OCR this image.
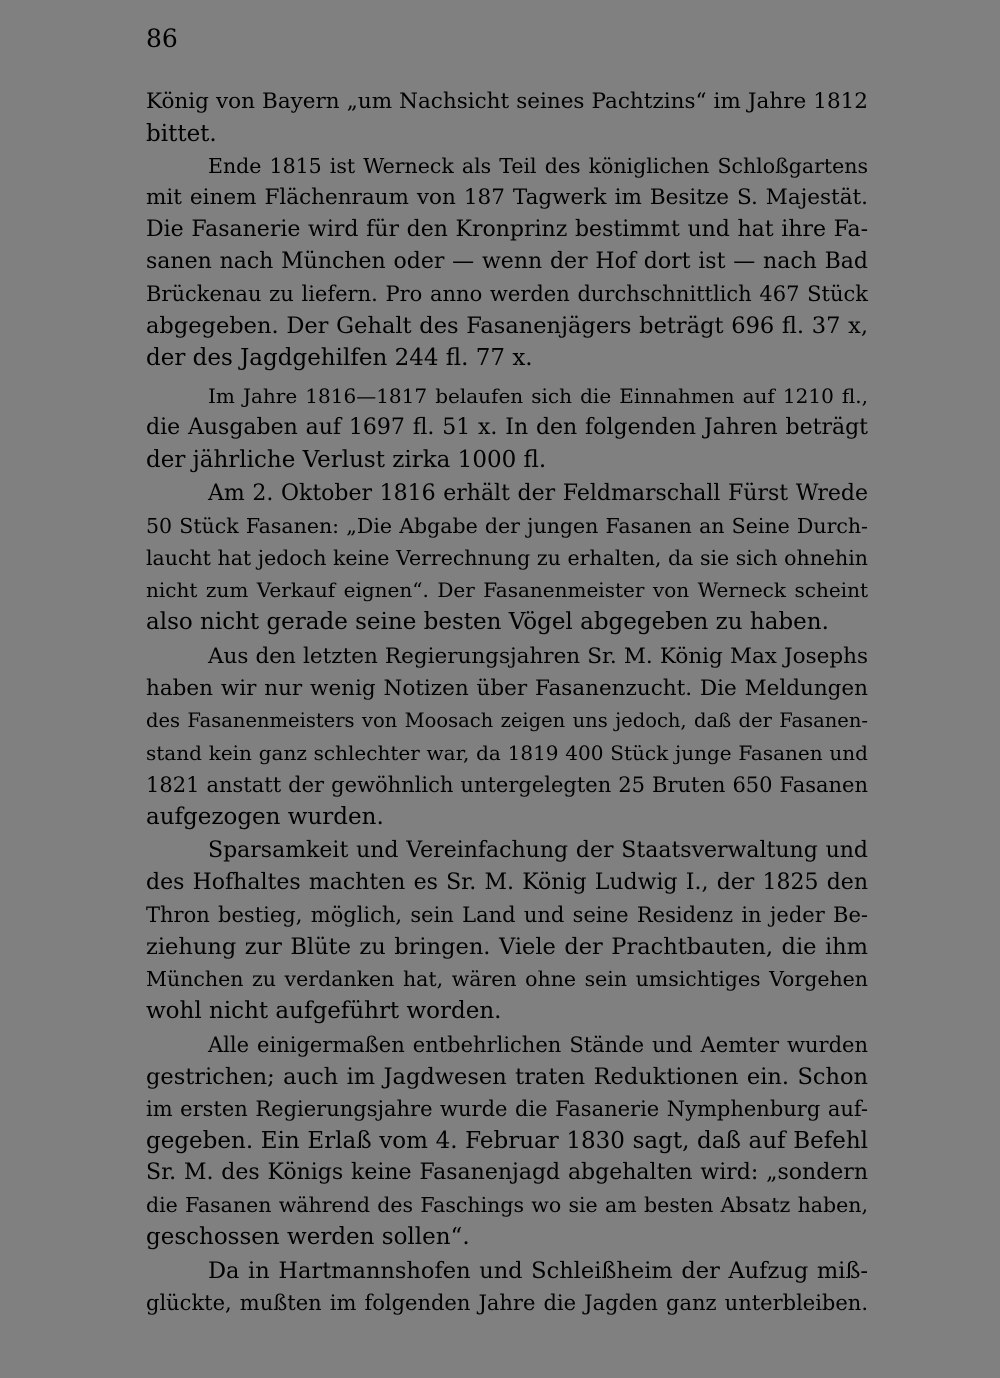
86
König von Bayern „um Nachsicht seines Pachtzins“ im Jahre 1812
bittet.
Ende 1815 ist Werneck als Teil des königlichen Schloßgartens
mit einem Flächenraum von 187 Tagwerk im Besitze S. Majestät.
Die Fasanerie wird für den Kronprinz bestimmt und hat ihre Fa-
sanen nach München oder — wenn der Hof dort ist — nach Bad
Brückenau zu liefern. Pro anno werden durchschnittlich 467 Stück
abgegeben. Der Gehalt des Fasanenjägers beträgt 696 fl. 37 x,
der des Jagdgehilfen 244 fl. 77 x.
Im Jahre 1816—1817 belaufen sich die Einnahmen auf 1210 fl.,
die Ausgaben auf 1697 fl. 51 x. In den folgenden Jahren beträgt
der jährliche Verlust zirka 1000 fl.
Am 2. Oktober 1816 erhält der Feldmarschall Fürst Wrede
50 Stück Fasanen: „Die Abgabe der jungen Fasanen an Seine Durch-
laucht hat jedoch keine Verrechnung zu erhalten, da sie sich ohnehin
nicht zum Verkauf eignen“. Der Fasanenmeister von Werneck scheint
also nicht gerade seine besten Vögel abgegeben zu haben.
Aus den letzten Regierungsjahren Sr. M. König Max Josephs
haben wir nur wenig Notizen über Fasanenzucht. Die Meldungen
des Fasanenmeisters von Moosach zeigen uns jedoch, daß der Fasanen-
stand kein ganz schlechter war, da 1819 400 Stück junge Fasanen und
1821 anstatt der gewöhnlich untergelegten 25 Bruten 650 Fasanen
aufgezogen wurden.
Sparsamkeit und Vereinfachung der Staatsverwaltung und
des Hofhaltes machten es Sr. M. König Ludwig I., der 1825 den
Thron bestieg, möglich, sein Land und seine Residenz in jeder Be-
ziehung zur Blüte zu bringen. Viele der Prachtbauten, die ihm
München zu verdanken hat, wären ohne sein umsichtiges Vorgehen
wohl nicht aufgeführt worden.
Alle einigermaßen entbehrlichen Stände und Aemter wurden
gestrichen; auch im Jagdwesen traten Reduktionen ein. Schon
im ersten Regierungsjahre wurde die Fasanerie Nymphenburg auf-
gegeben. Ein Erlaß vom 4. Februar 1830 sagt, daß auf Befehl
Sr. M. des Königs keine Fasanenjagd abgehalten wird: „sondern
die Fasanen während des Faschings wo sie am besten Absatz haben,
geschossen werden sollen“.
Da in Hartmannshofen und Schleißheim der Aufzug miß-
glückte, mußten im folgenden Jahre die Jagden ganz unterbleiben.
